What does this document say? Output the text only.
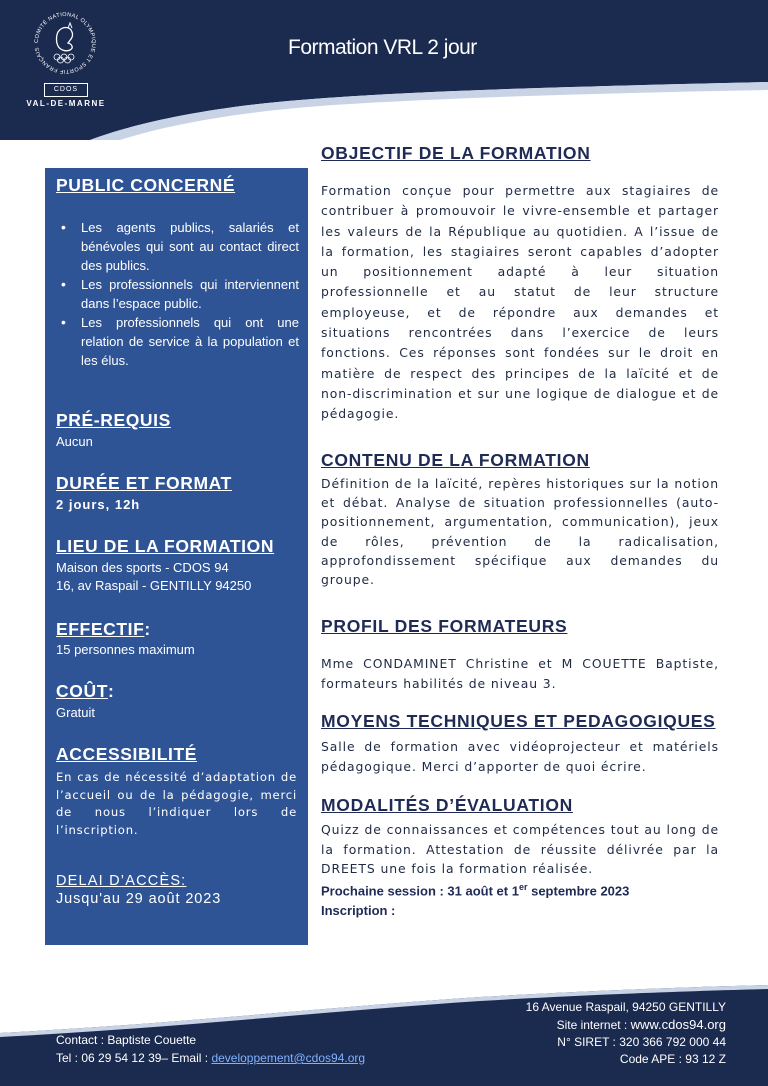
COMITÉ NATIONAL OLYMPIQUE ET SPORTIF FRANÇAIS
CDOS
VAL-DE-MARNE
Formation VRL 2 jour
PUBLIC CONCERNÉ
• Les agents publics, salariés et bénévoles qui sont au contact direct des publics.
• Les professionnels qui interviennent dans l’espace public.
• Les professionnels qui ont une relation de service à la population et les élus.
PRÉ-REQUIS

Aucun

DURÉE ET FORMAT

2 jours, 12h

LIEU DE LA FORMATION

Maison des sports - CDOS 94

16, av Raspail - GENTILLY 94250

EFFECTIF:

15 personnes maximum

COÛT:

Gratuit

ACCESSIBILITÉ

En cas de nécessité d’adaptation de l’accueil ou de la pédagogie, merci de nous l’indiquer lors de l’inscription.

DELAI D’ACCÈS:

Jusqu'au 29 août 2023

OBJECTIF DE LA FORMATION

Formation conçue pour permettre aux stagiaires de contribuer à promouvoir le vivre-ensemble et partager les valeurs de la République au quotidien. A l’issue de la formation, les stagiaires seront capables d’adopter un positionnement adapté à leur situation professionnelle et au statut de leur structure employeuse, et de répondre aux demandes et situations rencontrées dans l’exercice de leurs fonctions. Ces réponses sont fondées sur le droit en matière de respect des principes de la laïcité et de non-discrimination et sur une logique de dialogue et de pédagogie.

CONTENU DE LA FORMATION

Définition de la laïcité, repères historiques sur la notion et débat. Analyse de situation professionnelles (auto-positionnement, argumentation, communication), jeux de rôles, prévention de la radicalisation, approfondissement spécifique aux demandes du groupe.

PROFIL DES FORMATEURS

Mme CONDAMINET Christine et M COUETTE Baptiste, formateurs habilités de niveau 3.

MOYENS TECHNIQUES ET PEDAGOGIQUES

Salle de formation avec vidéoprojecteur et matériels pédagogique. Merci d’apporter de quoi écrire.

MODALITÉS D’ÉVALUATION

Quizz de connaissances et compétences tout au long de la formation. Attestation de réussite délivrée par la DREETS une fois la formation réalisée.

Prochaine session : 31 août et 1er septembre 2023

Inscription :

16 Avenue Raspail, 94250 GENTILLY
Site internet : www.cdos94.org
N° SIRET : 320 366 792 000 44
Code APE : 93 12 Z
Contact : Baptiste Couette
Tel : 06 29 54 12 39– Email : developpement@cdos94.org
